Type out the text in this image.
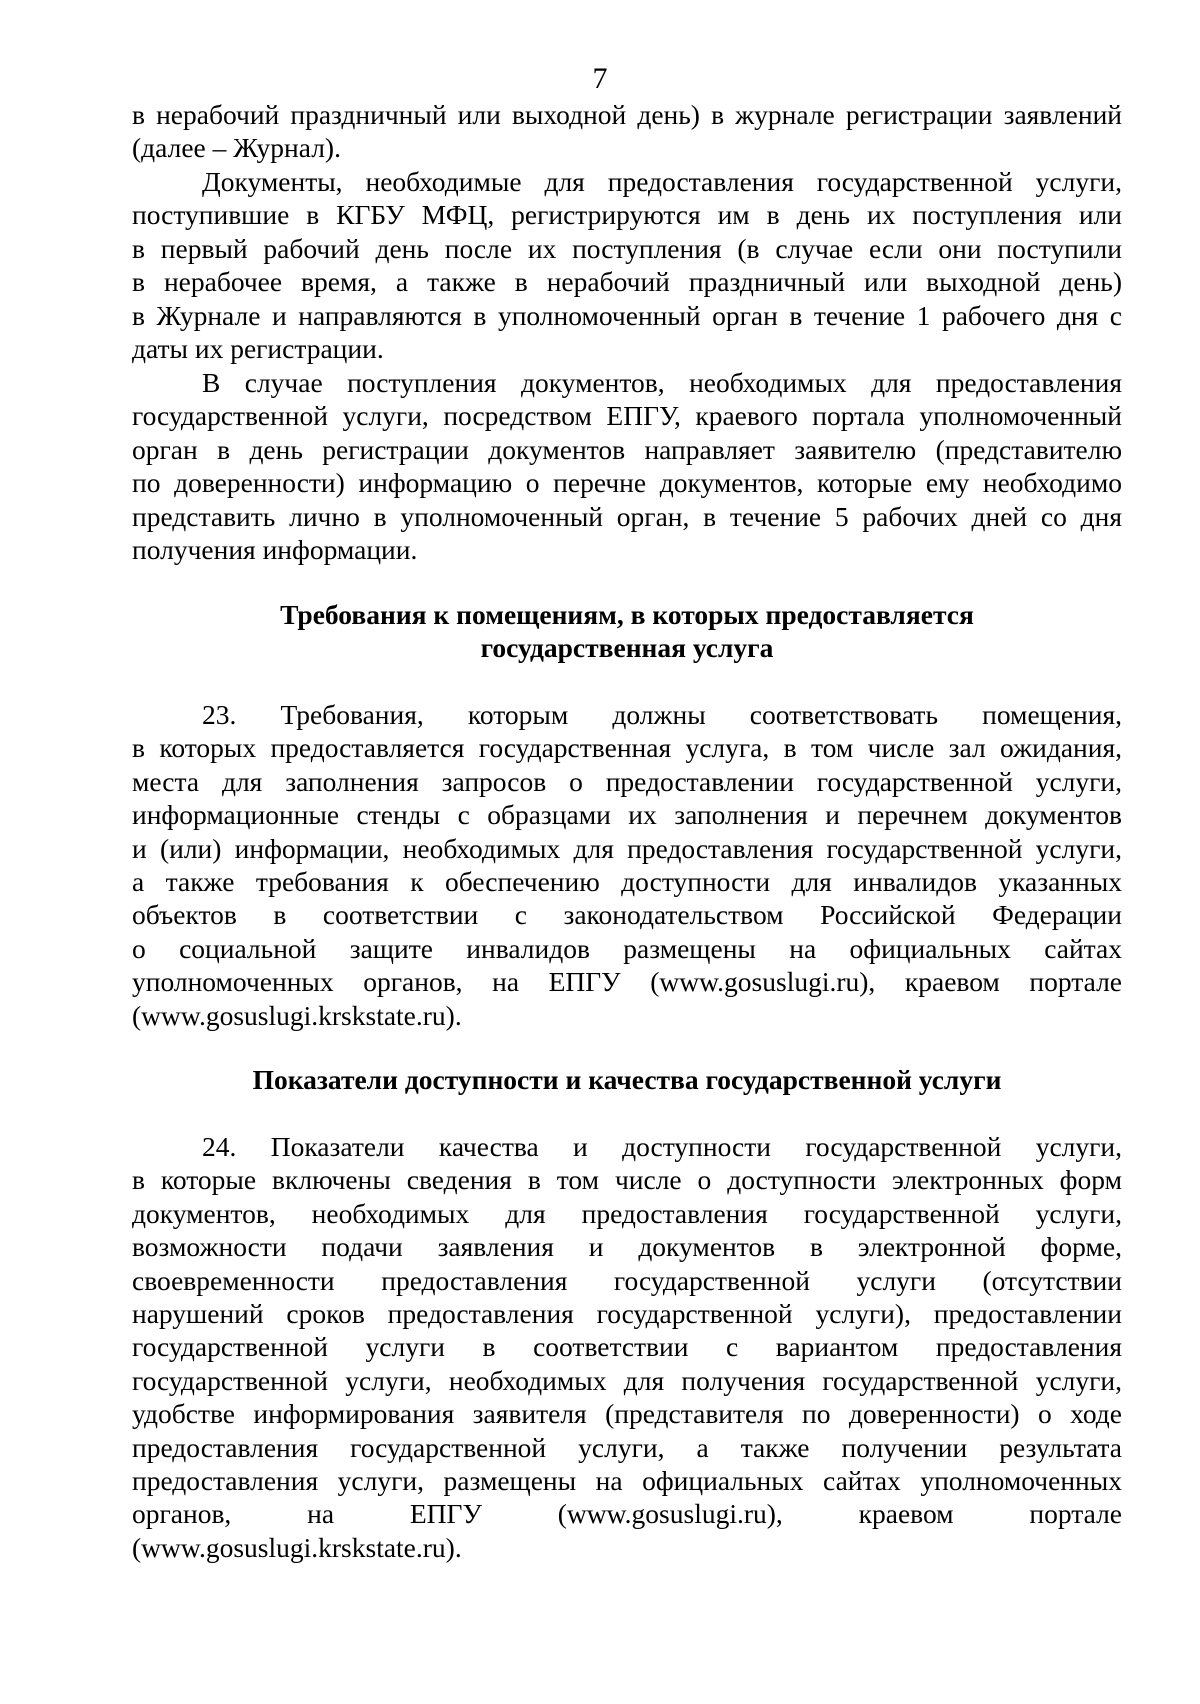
7
в нерабочий праздничный или выходной день) в журнале регистрации заявлений
(далее – Журнал).
Документы, необходимые для предоставления государственной услуги,
поступившие в КГБУ МФЦ, регистрируются им в день их поступления или
в первый рабочий день после их поступления (в случае если они поступили
в нерабочее время, а также в нерабочий праздничный или выходной день)
в Журнале и направляются в уполномоченный орган в течение 1 рабочего дня с
даты их регистрации.
В случае поступления документов, необходимых для предоставления
государственной услуги, посредством ЕПГУ, краевого портала уполномоченный
орган в день регистрации документов направляет заявителю (представителю
по доверенности) информацию о перечне документов, которые ему необходимо
представить лично в уполномоченный орган, в течение 5 рабочих дней со дня
получения информации.
Требования к помещениям, в которых предоставляется
государственная услуга
23. Требования, которым должны соответствовать помещения,
в которых предоставляется государственная услуга, в том числе зал ожидания,
места для заполнения запросов о предоставлении государственной услуги,
информационные стенды с образцами их заполнения и перечнем документов
и (или) информации, необходимых для предоставления государственной услуги,
а также требования к обеспечению доступности для инвалидов указанных
объектов в соответствии с законодательством Российской Федерации
о социальной защите инвалидов размещены на официальных сайтах
уполномоченных органов, на ЕПГУ (www.gosuslugi.ru), краевом портале
(www.gosuslugi.krskstate.ru).
Показатели доступности и качества государственной услуги
24. Показатели качества и доступности государственной услуги,
в которые включены сведения в том числе о доступности электронных форм
документов, необходимых для предоставления государственной услуги,
возможности подачи заявления и документов в электронной форме,
своевременности предоставления государственной услуги (отсутствии
нарушений сроков предоставления государственной услуги), предоставлении
государственной услуги в соответствии с вариантом предоставления
государственной услуги, необходимых для получения государственной услуги,
удобстве информирования заявителя (представителя по доверенности) о ходе
предоставления государственной услуги, а также получении результата
предоставления услуги, размещены на официальных сайтах уполномоченных
органов, на ЕПГУ (www.gosuslugi.ru), краевом портале
(www.gosuslugi.krskstate.ru).
